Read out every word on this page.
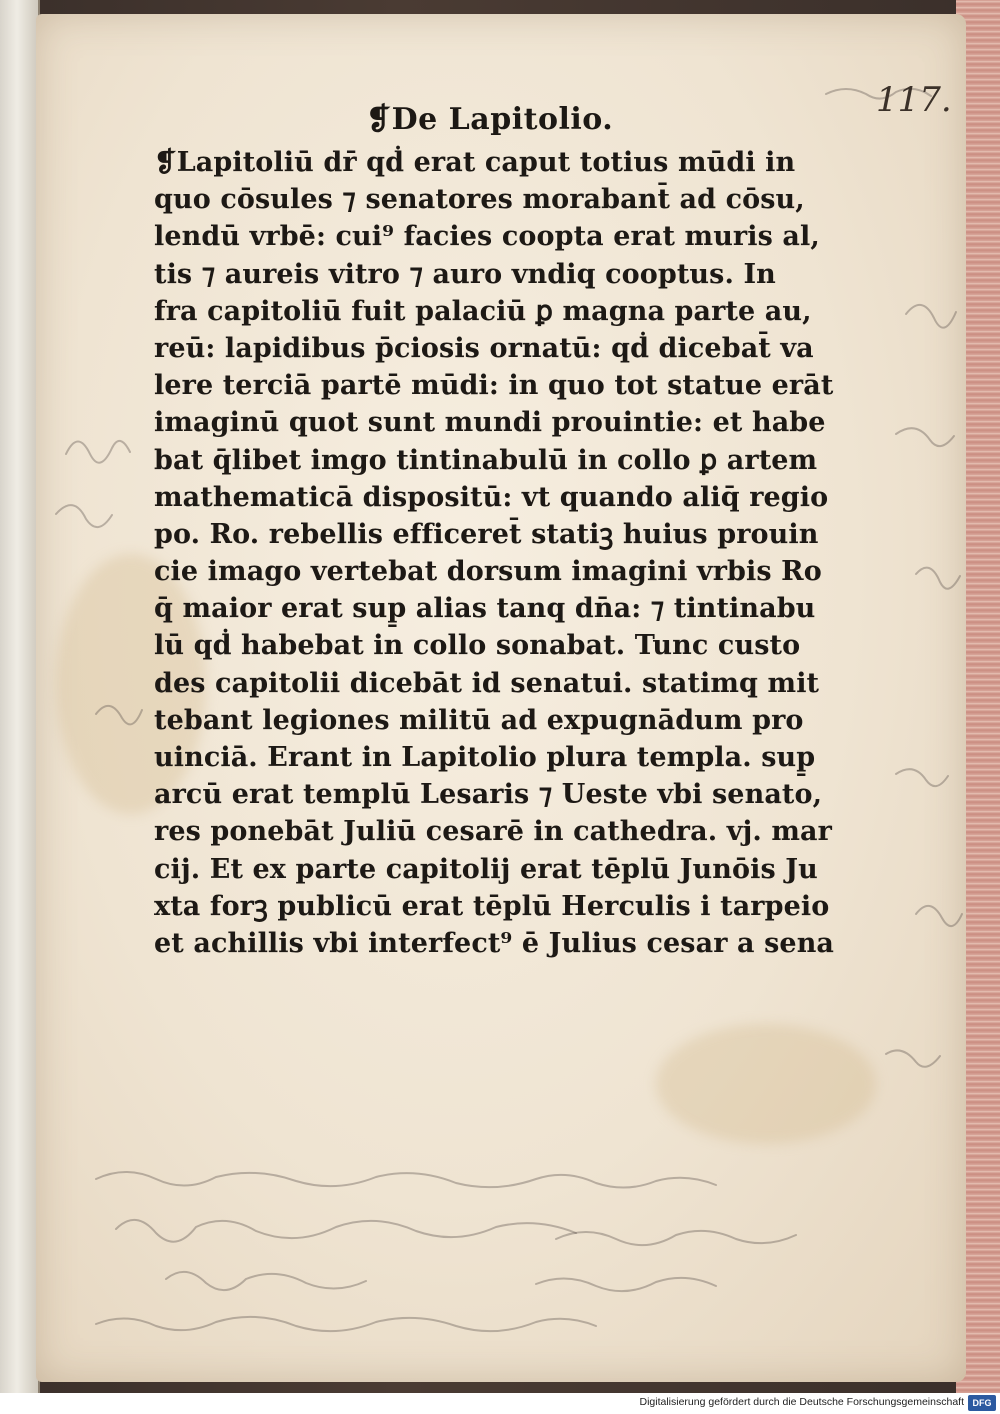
117.
❡De Lapitolio.
❡Lapitoliū dr̄ qḋ erat caput totius mūdi in
quo cōsules ⁊ senatores morabant̄ ad cōsu,
lendū vrbē: cui⁹ facies coopta erat muris al,
tis ⁊ aureis vitro ⁊ auro vndiq̧ cooptus. In
fra capitoliū fuit palaciū ꝑ magna parte au,
reū: lapidibus p̄ciosis ornatū: qḋ dicebat̄ va
lere terciā partē mūdi: in quo tot statue erāt
imaginū quot sunt mundi prouintie: et habe
bat q̄libet imgo tintinabulū in collo ꝑ artem
mathematicā dispositū: vt quando aliq̄ regio
po. Ro. rebellis efficeret̄ statiꝫ huius prouin
cie imago vertebat dorsum imagini vrbis Ro
q̄ maior erat sup̱ alias tanq̧ dn̄a: ⁊ tintinabu
lū qḋ habebat in collo sonabat. Tunc custo
des capitolii dicebāt id senatui. statimq̧ mit
tebant legiones militū ad expugnādum pro
uinciā. Erant in Lapitolio plura templa. sup̱
arcū erat templū Lesaris ⁊ Ueste vbi senato,
res ponebāt Juliū cesarē in cathedra. vj. mar
cij. Et ex parte capitolij erat tēplū Junōis Ju
xta forꝫ publicū erat tēplū Herculis i tarpeio
et achillis vbi interfect⁹ ē Julius cesar a sena
Digitalisierung gefördert durch die Deutsche Forschungsgemeinschaft DFG
